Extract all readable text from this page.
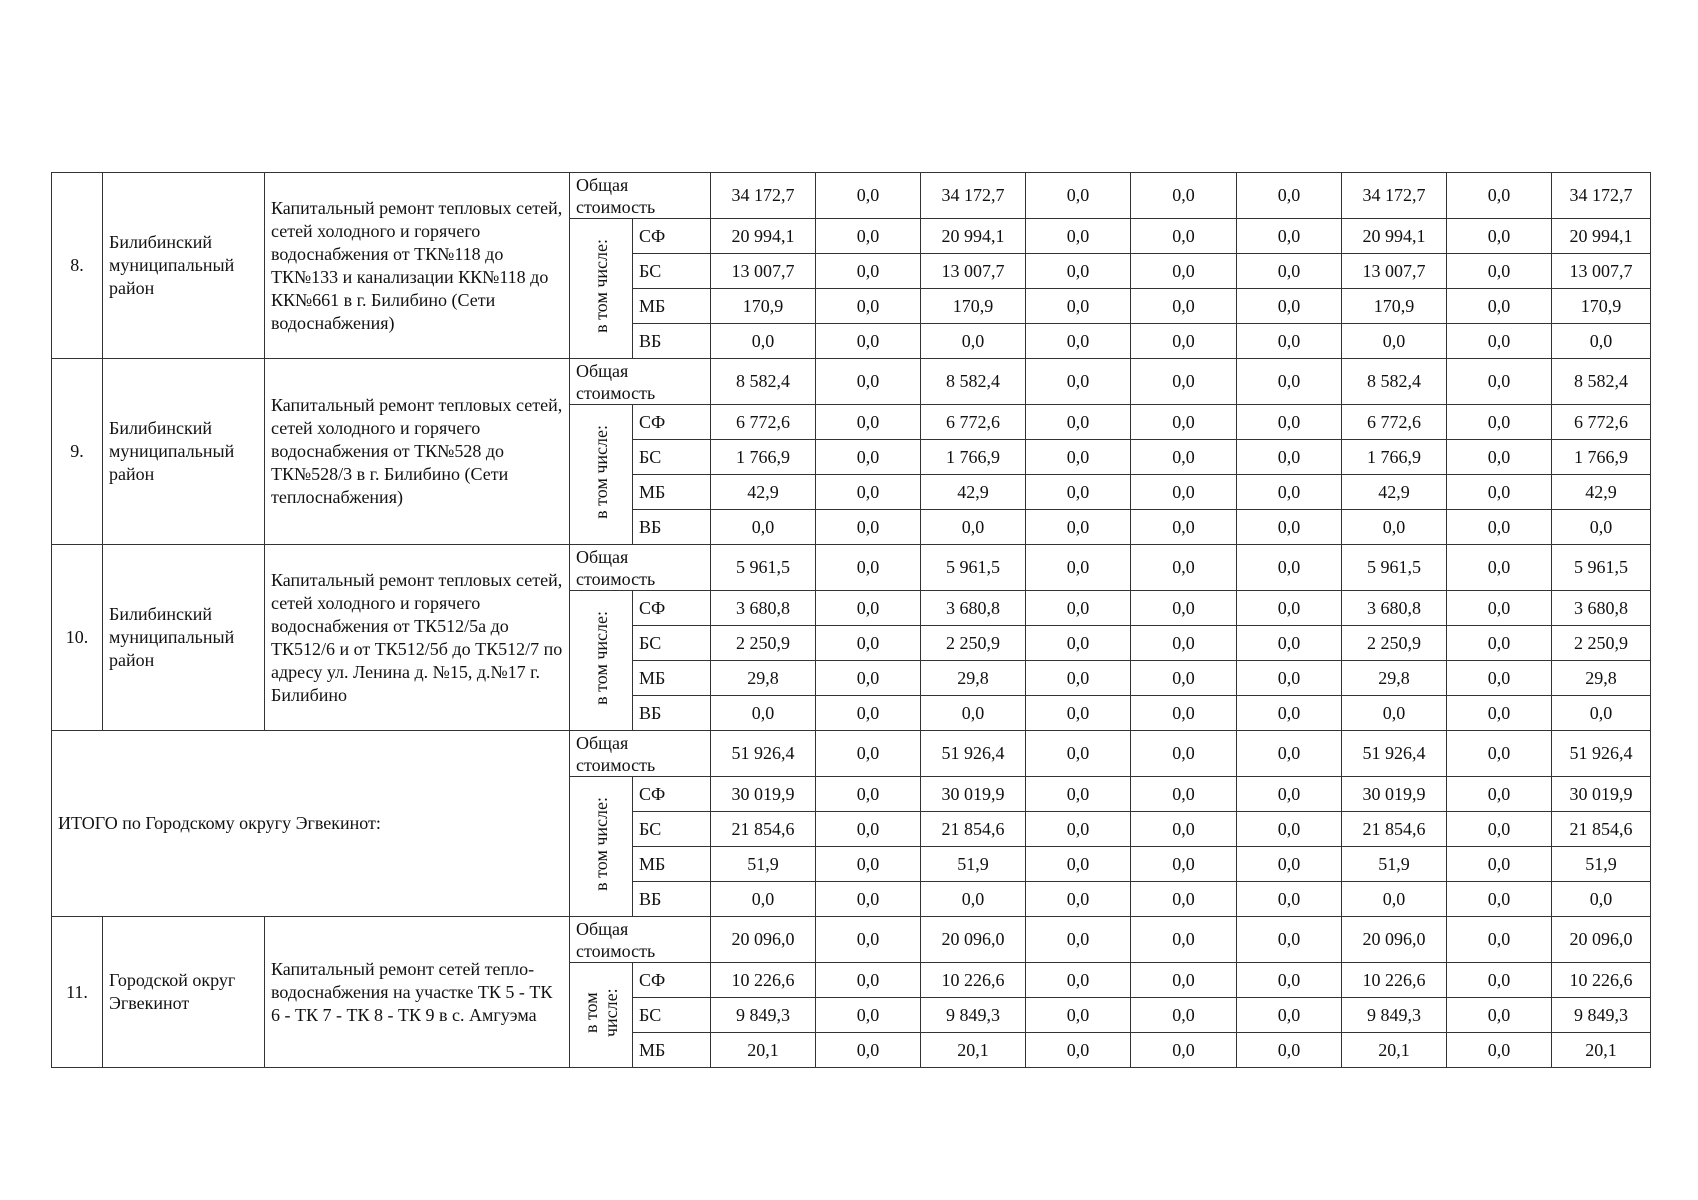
8.	Билибинский муниципальный район	Капитальный ремонт тепловых сетей, сетей холодного и горячего водоснабжения от ТК№118 до ТК№133 и канализации КК№118 до КК№661 в г. Билибино (Сети водоснабжения)	Общая стоимость		34 172,7	0,0	34 172,7	0,0	0,0	0,0	34 172,7	0,0	34 172,7
			в том числе:	СФ	20 994,1	0,0	20 994,1	0,0	0,0	0,0	20 994,1	0,0	20 994,1
				БС	13 007,7	0,0	13 007,7	0,0	0,0	0,0	13 007,7	0,0	13 007,7
				МБ	170,9	0,0	170,9	0,0	0,0	0,0	170,9	0,0	170,9
				ВБ	0,0	0,0	0,0	0,0	0,0	0,0	0,0	0,0	0,0
9.	Билибинский муниципальный район	Капитальный ремонт тепловых сетей, сетей холодного и горячего водоснабжения от ТК№528 до ТК№528/3 в г. Билибино (Сети теплоснабжения)	Общая стоимость		8 582,4	0,0	8 582,4	0,0	0,0	0,0	8 582,4	0,0	8 582,4
			в том числе:	СФ	6 772,6	0,0	6 772,6	0,0	0,0	0,0	6 772,6	0,0	6 772,6
				БС	1 766,9	0,0	1 766,9	0,0	0,0	0,0	1 766,9	0,0	1 766,9
				МБ	42,9	0,0	42,9	0,0	0,0	0,0	42,9	0,0	42,9
				ВБ	0,0	0,0	0,0	0,0	0,0	0,0	0,0	0,0	0,0
10.	Билибинский муниципальный район	Капитальный ремонт тепловых сетей, сетей холодного и горячего водоснабжения от ТК512/5а до ТК512/6 и от ТК512/5б до ТК512/7 по адресу ул. Ленина д. №15, д.№17 г. Билибино	Общая стоимость		5 961,5	0,0	5 961,5	0,0	0,0	0,0	5 961,5	0,0	5 961,5
			в том числе:	СФ	3 680,8	0,0	3 680,8	0,0	0,0	0,0	3 680,8	0,0	3 680,8
				БС	2 250,9	0,0	2 250,9	0,0	0,0	0,0	2 250,9	0,0	2 250,9
				МБ	29,8	0,0	29,8	0,0	0,0	0,0	29,8	0,0	29,8
				ВБ	0,0	0,0	0,0	0,0	0,0	0,0	0,0	0,0	0,0
ИТОГО по Городскому округу Эгвекинот:			Общая стоимость		51 926,4	0,0	51 926,4	0,0	0,0	0,0	51 926,4	0,0	51 926,4
			в том числе:	СФ	30 019,9	0,0	30 019,9	0,0	0,0	0,0	30 019,9	0,0	30 019,9
				БС	21 854,6	0,0	21 854,6	0,0	0,0	0,0	21 854,6	0,0	21 854,6
				МБ	51,9	0,0	51,9	0,0	0,0	0,0	51,9	0,0	51,9
				ВБ	0,0	0,0	0,0	0,0	0,0	0,0	0,0	0,0	0,0
11.	Городской округ Эгвекинот	Капитальный ремонт сетей тепло-водоснабжения на участке ТК 5 - ТК 6 - ТК 7 - ТК 8 - ТК 9 в с. Амгуэма	Общая стоимость		20 096,0	0,0	20 096,0	0,0	0,0	0,0	20 096,0	0,0	20 096,0
			в том числе:	СФ	10 226,6	0,0	10 226,6	0,0	0,0	0,0	10 226,6	0,0	10 226,6
				БС	9 849,3	0,0	9 849,3	0,0	0,0	0,0	9 849,3	0,0	9 849,3
				МБ	20,1	0,0	20,1	0,0	0,0	0,0	20,1	0,0	20,1
